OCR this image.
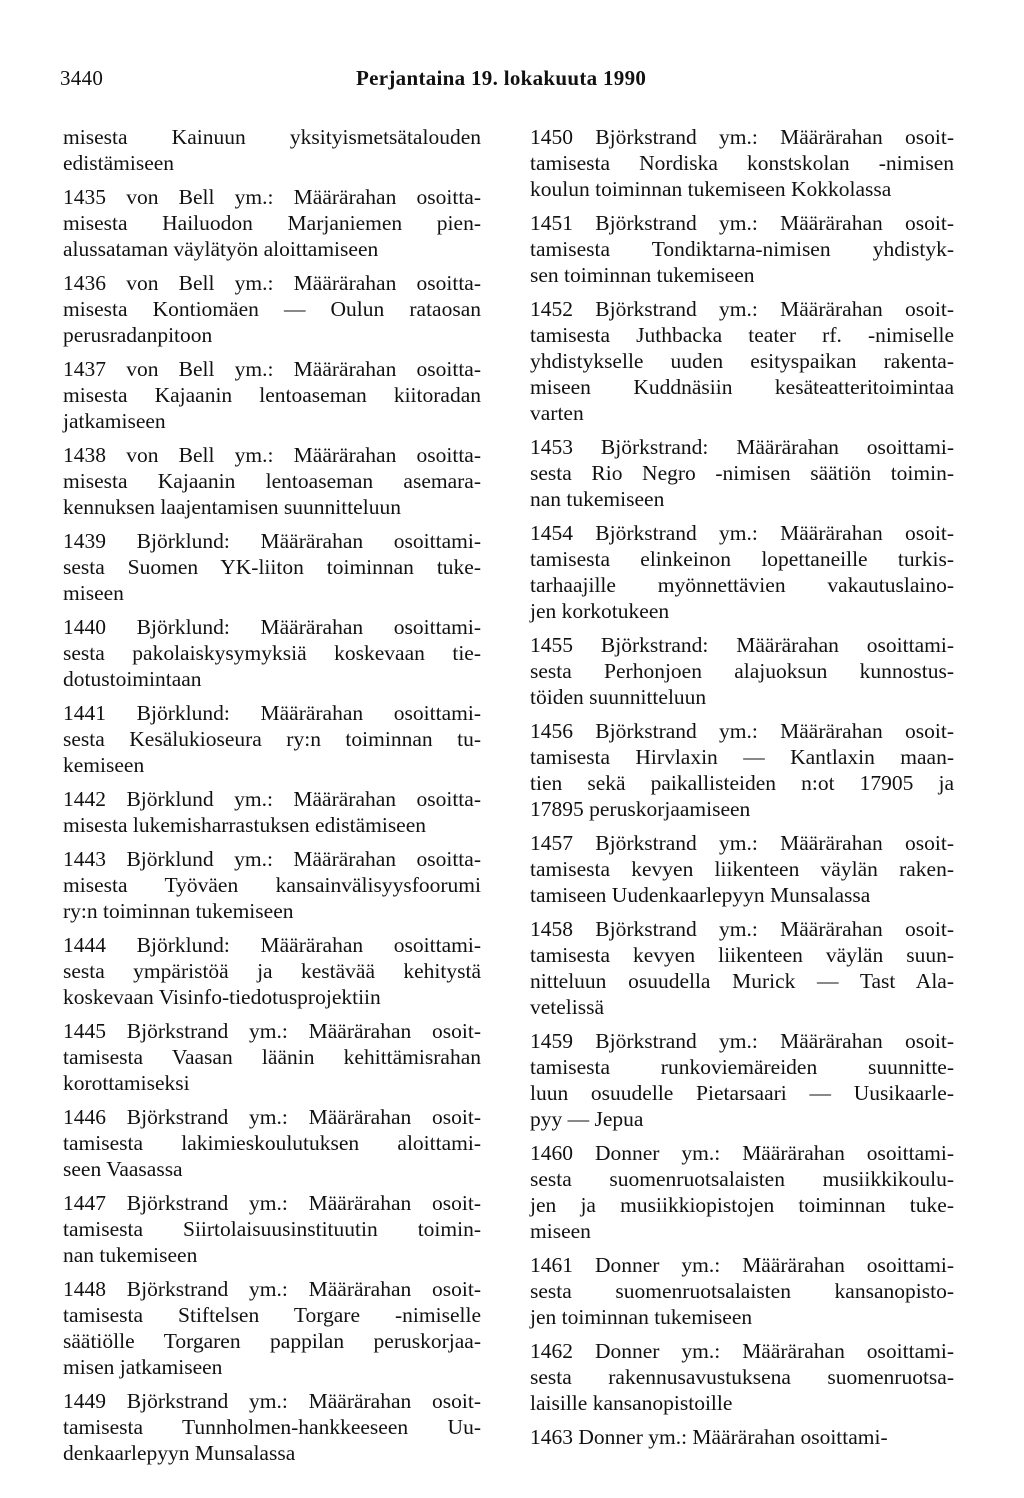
3440	Perjantaina 19. lokakuuta 1990
misesta Kainuun yksityismetsätalouden
edistämiseen
1435 von Bell ym.: Määrärahan osoitta-
misesta Hailuodon Marjaniemen pien-
alussataman väylätyön aloittamiseen
1436 von Bell ym.: Määrärahan osoitta-
misesta Kontiomäen — Oulun rataosan
perusradanpitoon
1437 von Bell ym.: Määrärahan osoitta-
misesta Kajaanin lentoaseman kiitoradan
jatkamiseen
1438 von Bell ym.: Määrärahan osoitta-
misesta Kajaanin lentoaseman asemara-
kennuksen laajentamisen suunnitteluun
1439 Björklund: Määrärahan osoittami-
sesta Suomen YK-liiton toiminnan tuke-
miseen
1440 Björklund: Määrärahan osoittami-
sesta pakolaiskysymyksiä koskevaan tie-
dotustoimintaan
1441 Björklund: Määrärahan osoittami-
sesta Kesälukioseura ry:n toiminnan tu-
kemiseen
1442 Björklund ym.: Määrärahan osoitta-
misesta lukemisharrastuksen edistämiseen
1443 Björklund ym.: Määrärahan osoitta-
misesta Työväen kansainvälisyysfoorumi
ry:n toiminnan tukemiseen
1444 Björklund: Määrärahan osoittami-
sesta ympäristöä ja kestävää kehitystä
koskevaan Visinfo-tiedotusprojektiin
1445 Björkstrand ym.: Määrärahan osoit-
tamisesta Vaasan läänin kehittämisrahan
korottamiseksi
1446 Björkstrand ym.: Määrärahan osoit-
tamisesta lakimieskoulutuksen aloittami-
seen Vaasassa
1447 Björkstrand ym.: Määrärahan osoit-
tamisesta Siirtolaisuusinstituutin toimin-
nan tukemiseen
1448 Björkstrand ym.: Määrärahan osoit-
tamisesta Stiftelsen Torgare -nimiselle
säätiölle Torgaren pappilan peruskorjaa-
misen jatkamiseen
1449 Björkstrand ym.: Määrärahan osoit-
tamisesta Tunnholmen-hankkeeseen Uu-
denkaarlepyyn Munsalassa
1450 Björkstrand ym.: Määrärahan osoit-
tamisesta Nordiska konstskolan -nimisen
koulun toiminnan tukemiseen Kokkolassa
1451 Björkstrand ym.: Määrärahan osoit-
tamisesta Tondiktarna-nimisen yhdistyk-
sen toiminnan tukemiseen
1452 Björkstrand ym.: Määrärahan osoit-
tamisesta Juthbacka teater rf. -nimiselle
yhdistykselle uuden esityspaikan rakenta-
miseen Kuddnäsiin kesäteatteritoimintaa
varten
1453 Björkstrand: Määrärahan osoittami-
sesta Rio Negro -nimisen säätiön toimin-
nan tukemiseen
1454 Björkstrand ym.: Määrärahan osoit-
tamisesta elinkeinon lopettaneille turkis-
tarhaajille myönnettävien vakautuslaino-
jen korkotukeen
1455 Björkstrand: Määrärahan osoittami-
sesta Perhonjoen alajuoksun kunnostus-
töiden suunnitteluun
1456 Björkstrand ym.: Määrärahan osoit-
tamisesta Hirvlaxin — Kantlaxin maan-
tien sekä paikallisteiden n:ot 17905 ja
17895 peruskorjaamiseen
1457 Björkstrand ym.: Määrärahan osoit-
tamisesta kevyen liikenteen väylän raken-
tamiseen Uudenkaarlepyyn Munsalassa
1458 Björkstrand ym.: Määrärahan osoit-
tamisesta kevyen liikenteen väylän suun-
nitteluun osuudella Murick — Tast Ala-
vetelissä
1459 Björkstrand ym.: Määrärahan osoit-
tamisesta runkoviemäreiden suunnitte-
luun osuudelle Pietarsaari — Uusikaarle-
pyy — Jepua
1460 Donner ym.: Määrärahan osoittami-
sesta suomenruotsalaisten musiikkikoulu-
jen ja musiikkiopistojen toiminnan tuke-
miseen
1461 Donner ym.: Määrärahan osoittami-
sesta suomenruotsalaisten kansanopisto-
jen toiminnan tukemiseen
1462 Donner ym.: Määrärahan osoittami-
sesta rakennusavustuksena suomenruotsa-
laisille kansanopistoille
1463 Donner ym.: Määrärahan osoittami-
